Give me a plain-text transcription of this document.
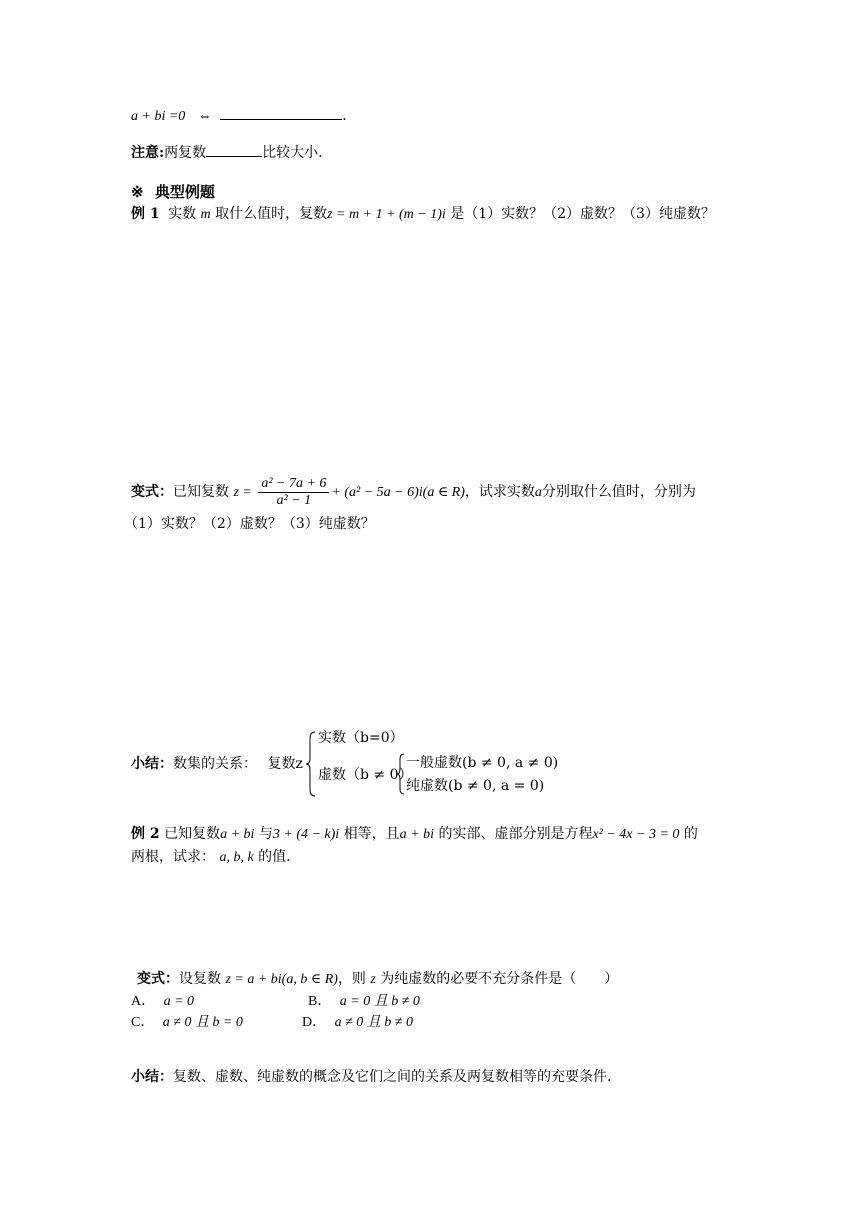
a + bi =0 ⇔	.
注意:两复数	比较大小.
※ 典型例题
例 1 实数 m 取什么值时，复数z = m + 1 + (m − 1)i 是（1）实数？（2）虚数？（3）纯虚数？
变式：已知复数 $z = \frac{\text{a² − 7a + 6}}{\text{a² − 1}} + (a^2 - 5a - 6)i(a$ ∈ R)，试求实数a分别取什么值时，分别为
（1）实数？（2）虚数？（3）纯虚数？
小结：数集的关系： 复数z
实数（b=0）
虚数（b ≠ 0）
一般虚数(b ≠ 0, a ≠ 0)
纯虚数(b ≠ 0, a = 0)
例 2 已知复数a + bi 与3 + (4 − k)i 相等，且a + bi 的实部、虚部分别是方程x² − 4x − 3 = 0 的
两根，试求： a, b, k 的值.
变式：设复数 z = a + bi(a, b ∈ R)，则 z 为纯虚数的必要不充分条件是（　　）
A． a = 0	B． a = 0 且 b ≠ 0
C． a ≠ 0 且 b = 0	D． a ≠ 0 且 b ≠ 0
小结：复数、虚数、纯虚数的概念及它们之间的关系及两复数相等的充要条件.
